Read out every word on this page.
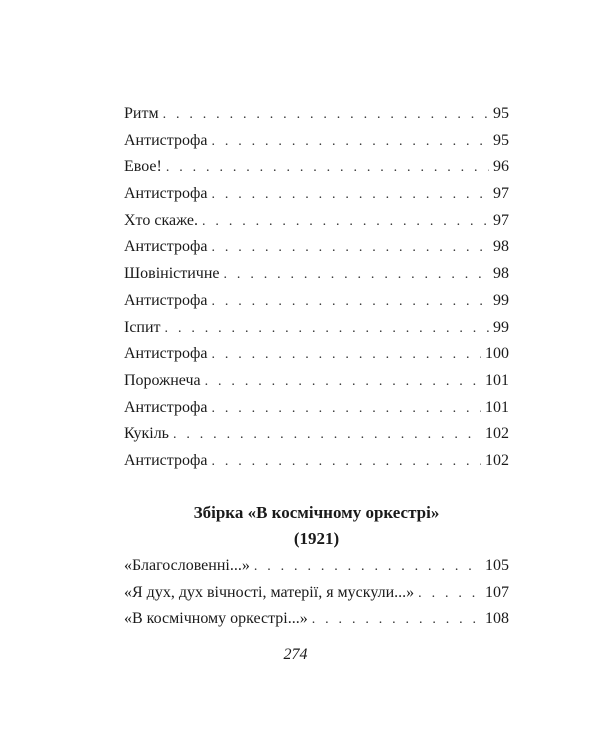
Ритм . . .	95
Антистрофа . . .	95
Евое! . . .	96
Антистрофа . . .	97
Хто скаже. . . .	97
Антистрофа . . .	98
Шовіністичне . . .	98
Антистрофа . . .	99
Іспит . . .	99
Антистрофа . . .	100
Порожнеча . . .	101
Антистрофа . . .	101
Кукіль . . .	102
Антистрофа . . .	102
Збірка «В космічному оркестрі»
(1921)
«Благословенні...» . . .	105
«Я дух, дух вічності, матерії, я мускули...» . . .	107
«В космічному оркестрі...» . . .	108
274
